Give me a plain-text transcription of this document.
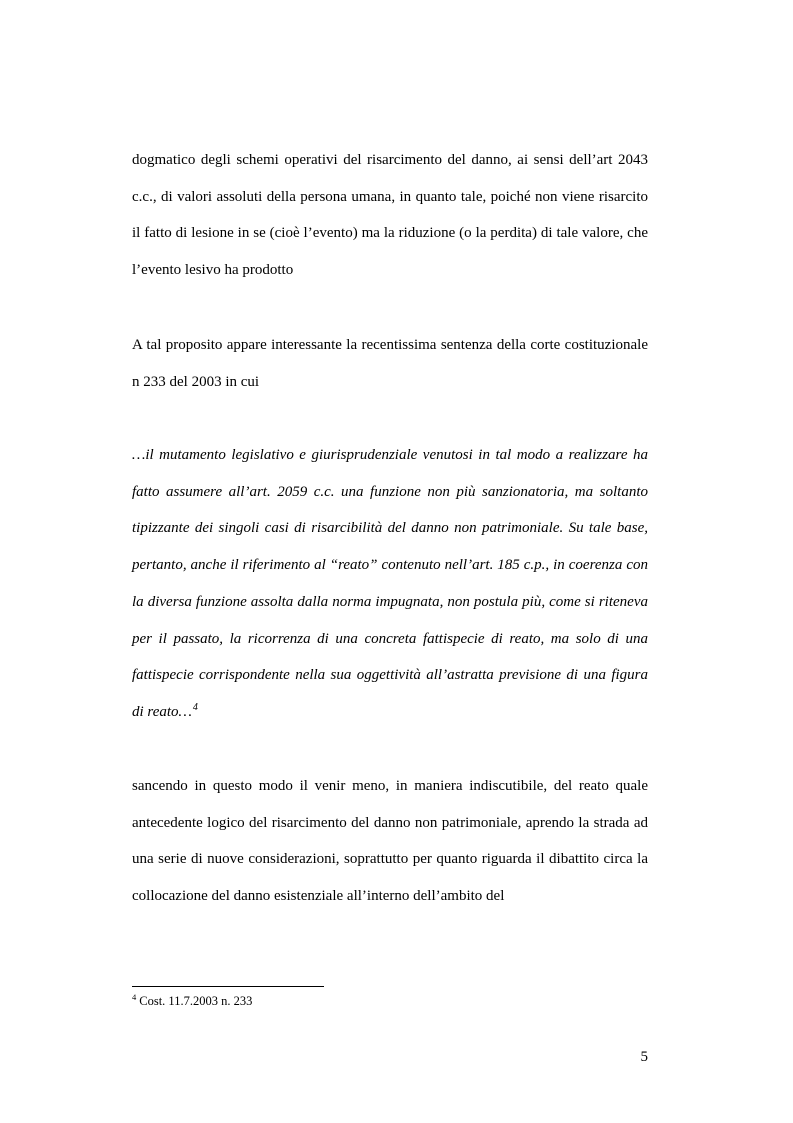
dogmatico degli schemi operativi del risarcimento del danno, ai sensi dell’art 2043 c.c., di valori assoluti della persona umana, in quanto tale, poiché non viene risarcito il fatto di lesione in se (cioè l’evento) ma la riduzione (o la perdita) di tale valore, che l’evento lesivo ha prodotto

A tal proposito appare interessante la recentissima sentenza della corte costituzionale n 233 del 2003 in cui

…il mutamento legislativo e giurisprudenziale venutosi in tal modo a realizzare ha fatto assumere all’art. 2059 c.c. una funzione non più sanzionatoria, ma soltanto tipizzante dei singoli casi di risarcibilità del danno non patrimoniale. Su tale base, pertanto, anche il riferimento al “reato” contenuto nell’art. 185 c.p., in coerenza con la diversa funzione assolta dalla norma impugnata, non postula più, come si riteneva per il passato, la ricorrenza di una concreta fattispecie di reato, ma solo di una fattispecie corrispondente nella sua oggettività all’astratta previsione di una figura di reato…$^4$

sancendo in questo modo il venir meno, in maniera indiscutibile, del reato quale antecedente logico del risarcimento del danno non patrimoniale, aprendo la strada ad una serie di nuove considerazioni, soprattutto per quanto riguarda il dibattito circa la collocazione del danno esistenziale all’interno dell’ambito del

$^4$ Cost. 11.7.2003 n. 233

5
